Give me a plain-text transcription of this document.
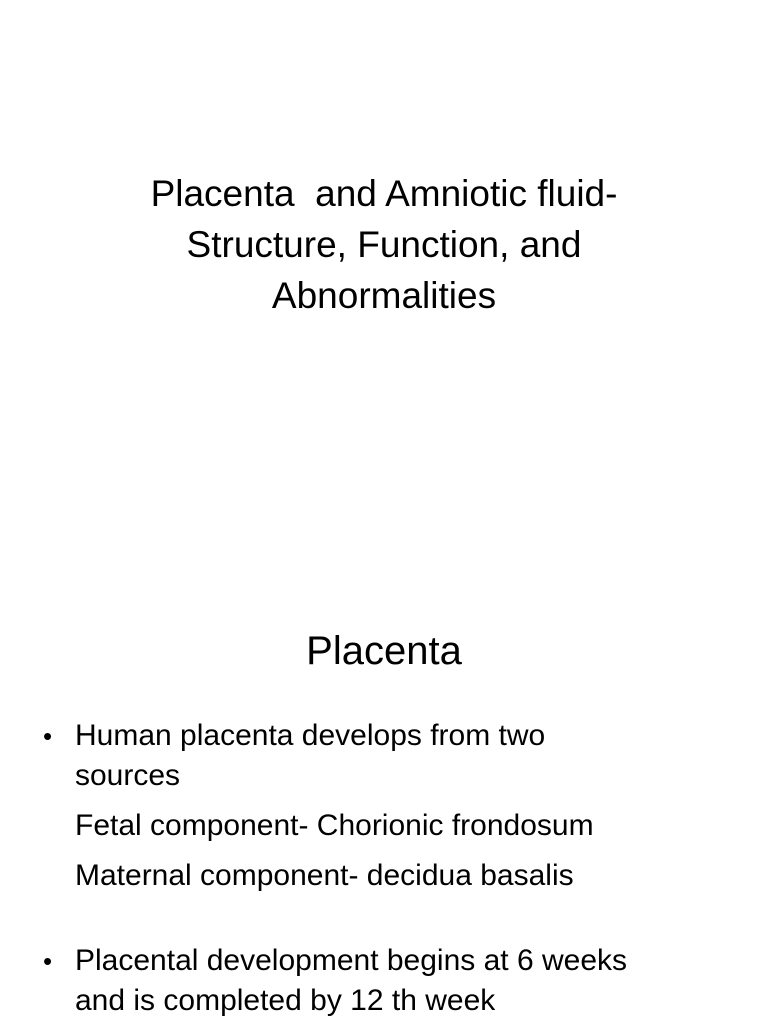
Placenta  and Amniotic fluid-
Structure, Function, and
Abnormalities
Placenta
• Human placenta develops from two
sources
Fetal component- Chorionic frondosum
Maternal component- decidua basalis
• Placental development begins at 6 weeks
and is completed by 12 th week
